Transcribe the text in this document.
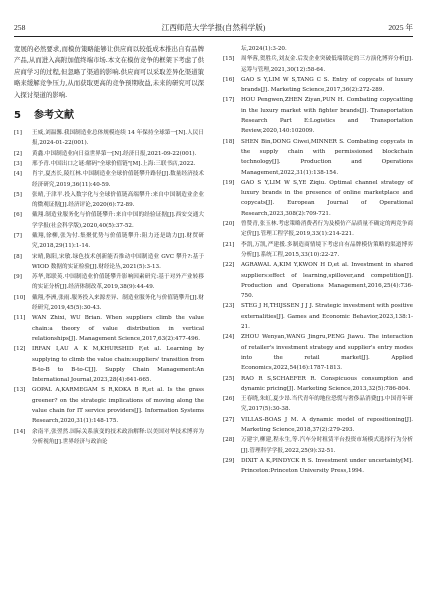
258	江西师范大学学报(自然科学版)	2025 年

宽展的必然要求,而模仿策略能够让供应商以较低成本推出自有品牌产品,从而进入高附加值终端市场.本文在模仿竞争的框架下考虑了供应商学习的过程,但忽略了渠道的影响.供应商可以采取差异化渠道策略来缓解竞争压力,从而获取更高的竞争预期收益,未来的研究可以深入探讨渠道的影响.

5 参考文献
[1] 王威,刘温馨.我国制造业总体规模连续 14 年保持全球第一[N].人民日报,2024-01-22(001).
[2] 黄鑫.中国制造业向日益世界第一[N].经济日报,2021-09-22(001).
[3] 邢予青.中国出口之谜:解码"全球价值链"[M].上海:三联书店,2022.
[4] 肖宇,夏杰长,陵红林.中国制造业全球价值链攀升路径[J].数量经济技术经济研究,2019,36(11):40-59.
[5] 张晴,于津平.投入数字化与全球价值链高端攀升:来自中国制造业企业的微观证据[J].经济评论,2020(6):72-89.
[6] 戴翔.制造业服务化与价值链攀升:来自中国的经验证据[J].西安交通大学学报(社会科学版),2020,40(5):37-52.
[7] 戴翔,徐柳,张为付.集聚优势与价值链攀升:阻力还是助力[J].财贸研究,2018,29(11):1-14.
[8] 宋晴,陈阳,宋敏.绿色技术创新能否推动中国制造业 GVC 攀升?:基于 WIOD 数据的实证检验[J].财经论丛,2021(5):3-13.
[9] 苏华,郑联英.中国制造业价值链攀升影响因素研究:基于对外产业转移的实证分析[J].经济体制改革,2019,38(9):44-49.
[10] 戴翔,李洲,张雨.服务投入来源差异、制造业服务化与价值链攀升[J].财经研究,2019,45(5):30-43.
[11] WAN Zhixi, WU Brian. When suppliers climb the value chain:a theory of value distribution in vertical relationships[J]. Management Science,2017,63(2):477-496.
[12] IRFAN I,AU A K M,KHURSHID F,et al. Learning by supplying to climb the value chain:suppliers' transition from B-to-B to B-to-C[J]. Supply Chain Management:An International Journal,2023,28(4):641-665.
[13] GOPAL A,KARMEGAM S R,KOKA B R,et al. Is the grass greener? on the strategic implications of moving along the value chain for IT service providers[J]. Information Systems Research,2020,31(1):148-175.
[14] 余南平,张翌然.国际关系演变的技术政治解释:以美国对华技术博弈为分析视角[J].世界经济与政治论

坛,2024(1):3-20.

[15] 周华蓉,贺胜兵,刘友金.后发企业突破低端锁定的三方演化博弈分析[J].运筹与管理,2021,30(12):58-64.
[16] GAO S Y,LIM W S,TANG C S. Entry of copycats of luxury brands[J]. Marketing Science,2017,36(2):272-289.
[17] HOU Pengwen,ZHEN Ziyan,PUN H. Combating copycatting in the luxury market with fighter brands[J]. Transportation Research Part E:Logistics and Transportation Review,2020,140:102009.
[18] SHEN Bin,DONG Ciwei,MINNER S. Combating copycats in the supply chain with permissioned blockchain technology[J]. Production and Operations Management,2022,31(1):138-154.
[19] GAO S Y,LIM W S,YE Ziqiu. Optimal channel strategy of luxury brands in the presence of online marketplace and copycats[J]. European Journal of Operational Research,2023,308(2):709-721.
[20] 曾赞青,张玉林.考虑策略消费者行为及模仿产品质量不确定的两竞争商定价[J].管理工程学报,2019,33(1):214-221.
[21] 李凯,万凯,严建援.多制造商情境下考虑自有品牌模仿策略的渠道博弈分析[J].系统工程,2015,33(10):22-27.
[22] AGRAWAL A,KIM Y,KWON H D,et al. Investment in shared suppliers:effect of learning,spillover,and competition[J]. Production and Operations Management,2016,25(4):736-750.
[23] STEG J H,THIJSSEN J J J. Strategic investment with positive externalities[J]. Games and Economic Behavior,2023,138:1-21.
[24] ZHOU Wenyan,WANG Jingru,PENG Jiawu. The interaction of retailer's investment strategy and supplier's entry modes into the retail market[J]. Applied Economics,2022,54(16):1787-1813.
[25] RAO R S,SCHAEFER R. Conspicuous consumption and dynamic pricing[J]. Marketing Science,2013,32(5):786-804.
[26] 王春晓,朱虹,夏少昂.当代青年的地位恐慌与奢侈品消费[J].中国青年研究,2017(5):30-38.
[27] VILLAS-BOAS J M. A dynamic model of repositioning[J]. Marketing Science,2018,37(2):279-293.
[28] 万建宇,柳建,程永生,等.汽车分时租赁平台投资市场模式选择行为分析[J].管理科学学报,2022,25(9):32-51.
[29] DIXIT A K,PINDYCK R S. Investment under uncertainty[M]. Princeton:Princeton University Press,1994.
